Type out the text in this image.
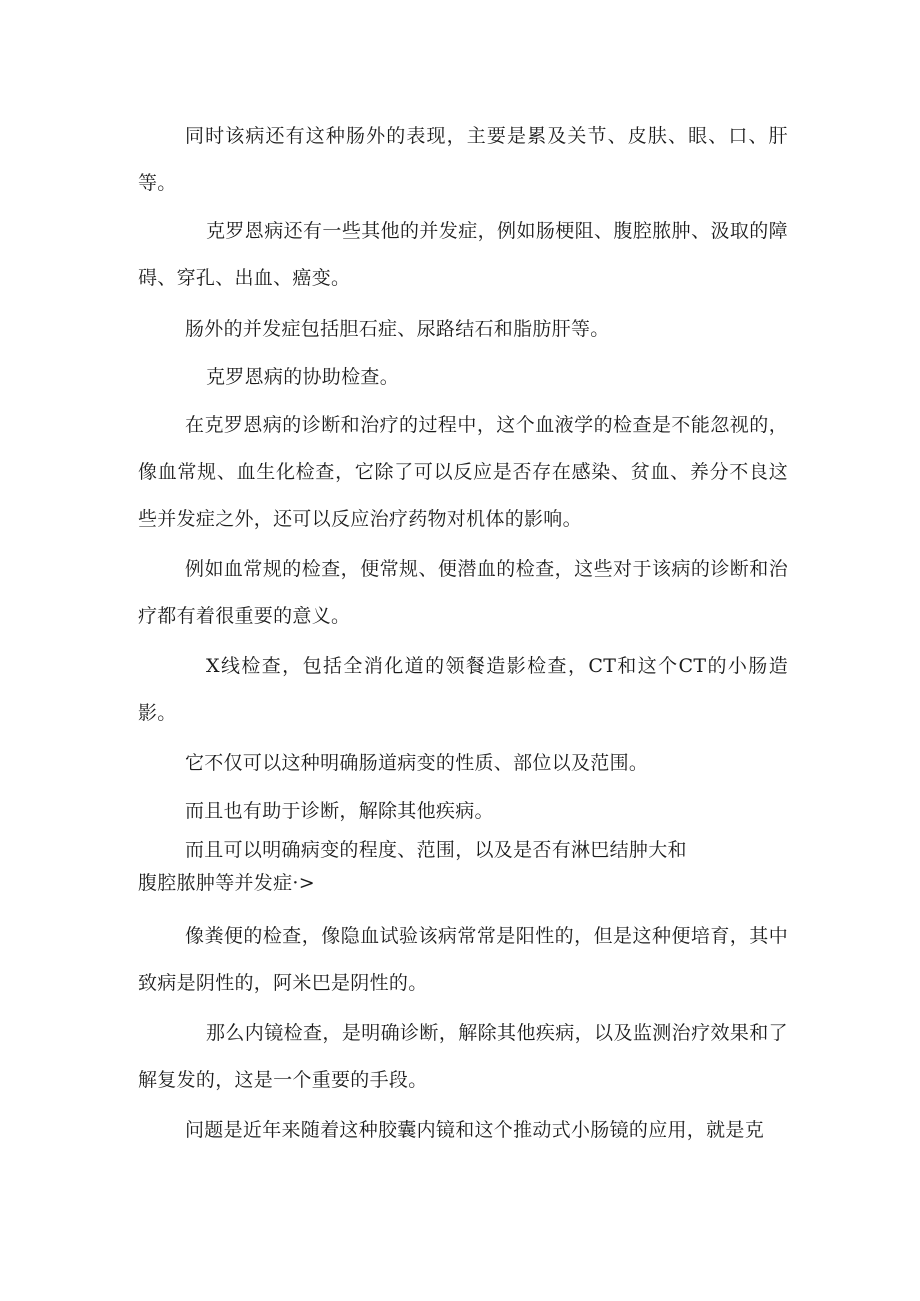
同时该病还有这种肠外的表现，主要是累及关节、皮肤、眼、口、肝等。

克罗恩病还有一些其他的并发症，例如肠梗阻、腹腔脓肿、汲取的障碍、穿孔、出血、癌变。

肠外的并发症包括胆石症、尿路结石和脂肪肝等。

克罗恩病的协助检查。

在克罗恩病的诊断和治疗的过程中，这个血液学的检查是不能忽视的，像血常规、血生化检查，它除了可以反应是否存在感染、贫血、养分不良这些并发症之外，还可以反应治疗药物对机体的影响。

例如血常规的检查，便常规、便潜血的检查，这些对于该病的诊断和治疗都有着很重要的意义。

X线检查，包括全消化道的领餐造影检查，CT和这个CT的小肠造影。

它不仅可以这种明确肠道病变的性质、部位以及范围。

而且也有助于诊断，解除其他疾病。

而且可以明确病变的程度、范围，以及是否有淋巴结肿大和

腹腔脓肿等并发症·>

像粪便的检查，像隐血试验该病常常是阳性的，但是这种便培育，其中致病是阴性的，阿米巴是阴性的。

那么内镜检查，是明确诊断，解除其他疾病，以及监测治疗效果和了解复发的，这是一个重要的手段。

问题是近年来随着这种胶囊内镜和这个推动式小肠镜的应用，就是克
